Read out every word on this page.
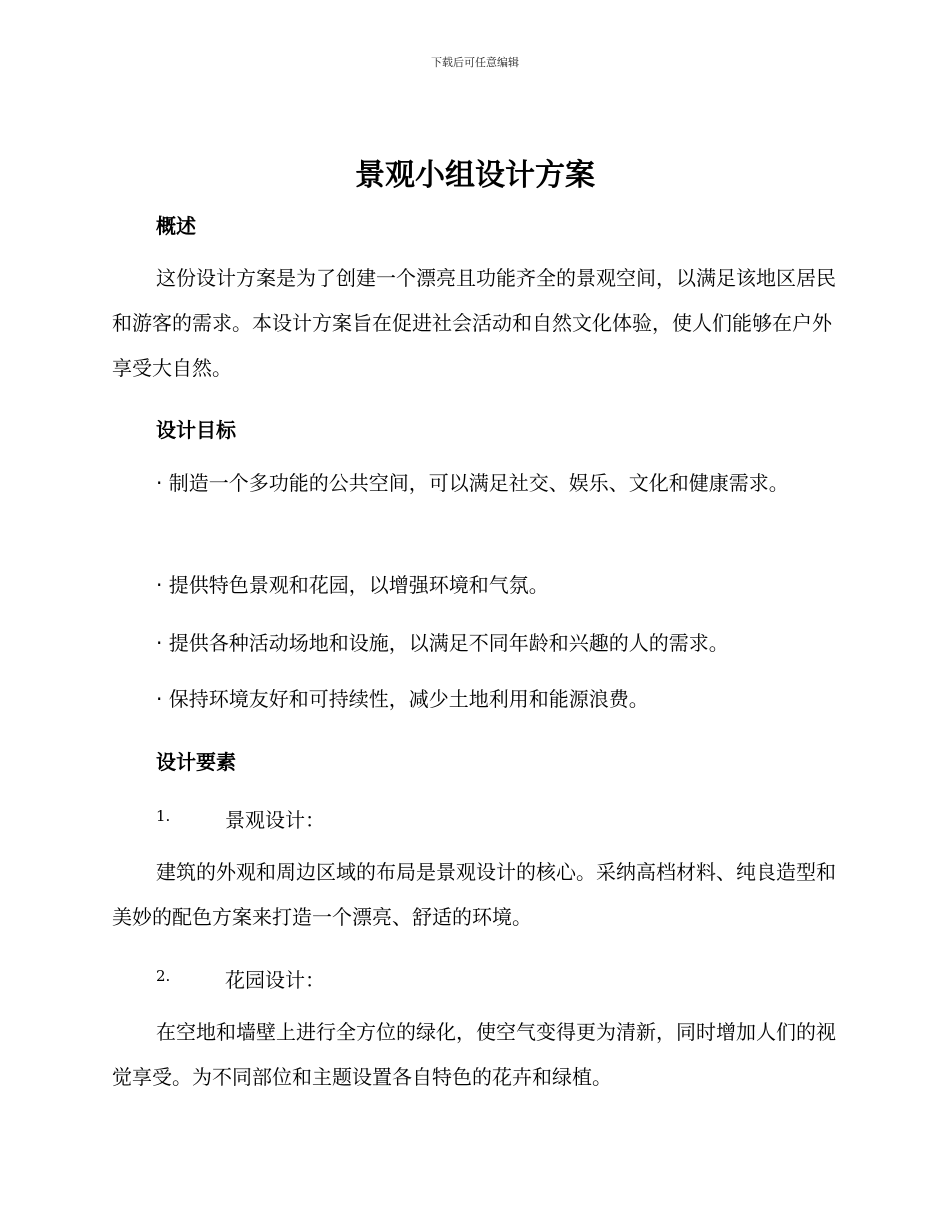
下载后可任意编辑
景观小组设计方案
概述

这份设计方案是为了创建一个漂亮且功能齐全的景观空间，以满足该地区居民和游客的需求。本设计方案旨在促进社会活动和自然文化体验，使人们能够在户外享受大自然。

设计目标

· 制造一个多功能的公共空间，可以满足社交、娱乐、文化和健康需求。

· 提供特色景观和花园，以增强环境和气氛。

· 提供各种活动场地和设施，以满足不同年龄和兴趣的人的需求。

· 保持环境友好和可持续性，减少土地利用和能源浪费。

设计要素
1.	景观设计：

建筑的外观和周边区域的布局是景观设计的核心。采纳高档材料、纯良造型和美妙的配色方案来打造一个漂亮、舒适的环境。

2.	花园设计：

在空地和墙壁上进行全方位的绿化，使空气变得更为清新，同时增加人们的视觉享受。为不同部位和主题设置各自特色的花卉和绿植。
